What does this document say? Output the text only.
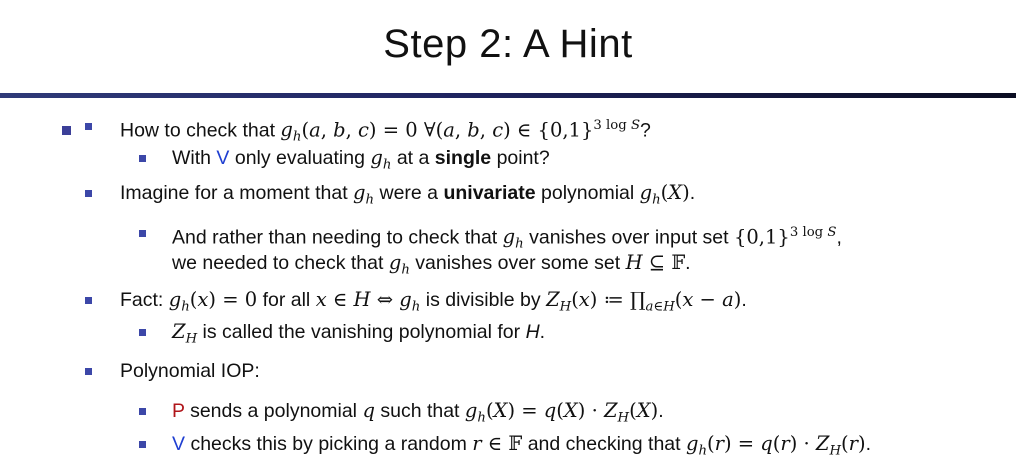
Step 2: A Hint
How to check that $g_h(a$, b, c) = 0 ∀(a, b, c) ∈ $\{0,1\}^{3 log S}$?
With V only evaluating $g_h$ at a single point?
Imagine for a moment that $g_h$ were a univariate polynomial $g_h(X)$.
And rather than needing to check that $g_h$ vanishes over input set $\{0,1\}^{3 log S}$,
we needed to check that $g_h$ vanishes over some set H ⊆ 𝔽.
Fact: $g_h(x) = 0$ for all x ∈ H ⇔ $g_h$ is divisible by $Z_H(x)$ ≔ $\prod_{a\in H}(x - a)$.
$Z_H$ is called the vanishing polynomial for H.
Polynomial IOP:
P sends a polynomial q such that $g_h(X) = q(X) \cdot Z_H(X)$.
V checks this by picking a random r ∈ 𝔽 and checking that $g_h(r) = q(r) \cdot Z_H(r)$.
